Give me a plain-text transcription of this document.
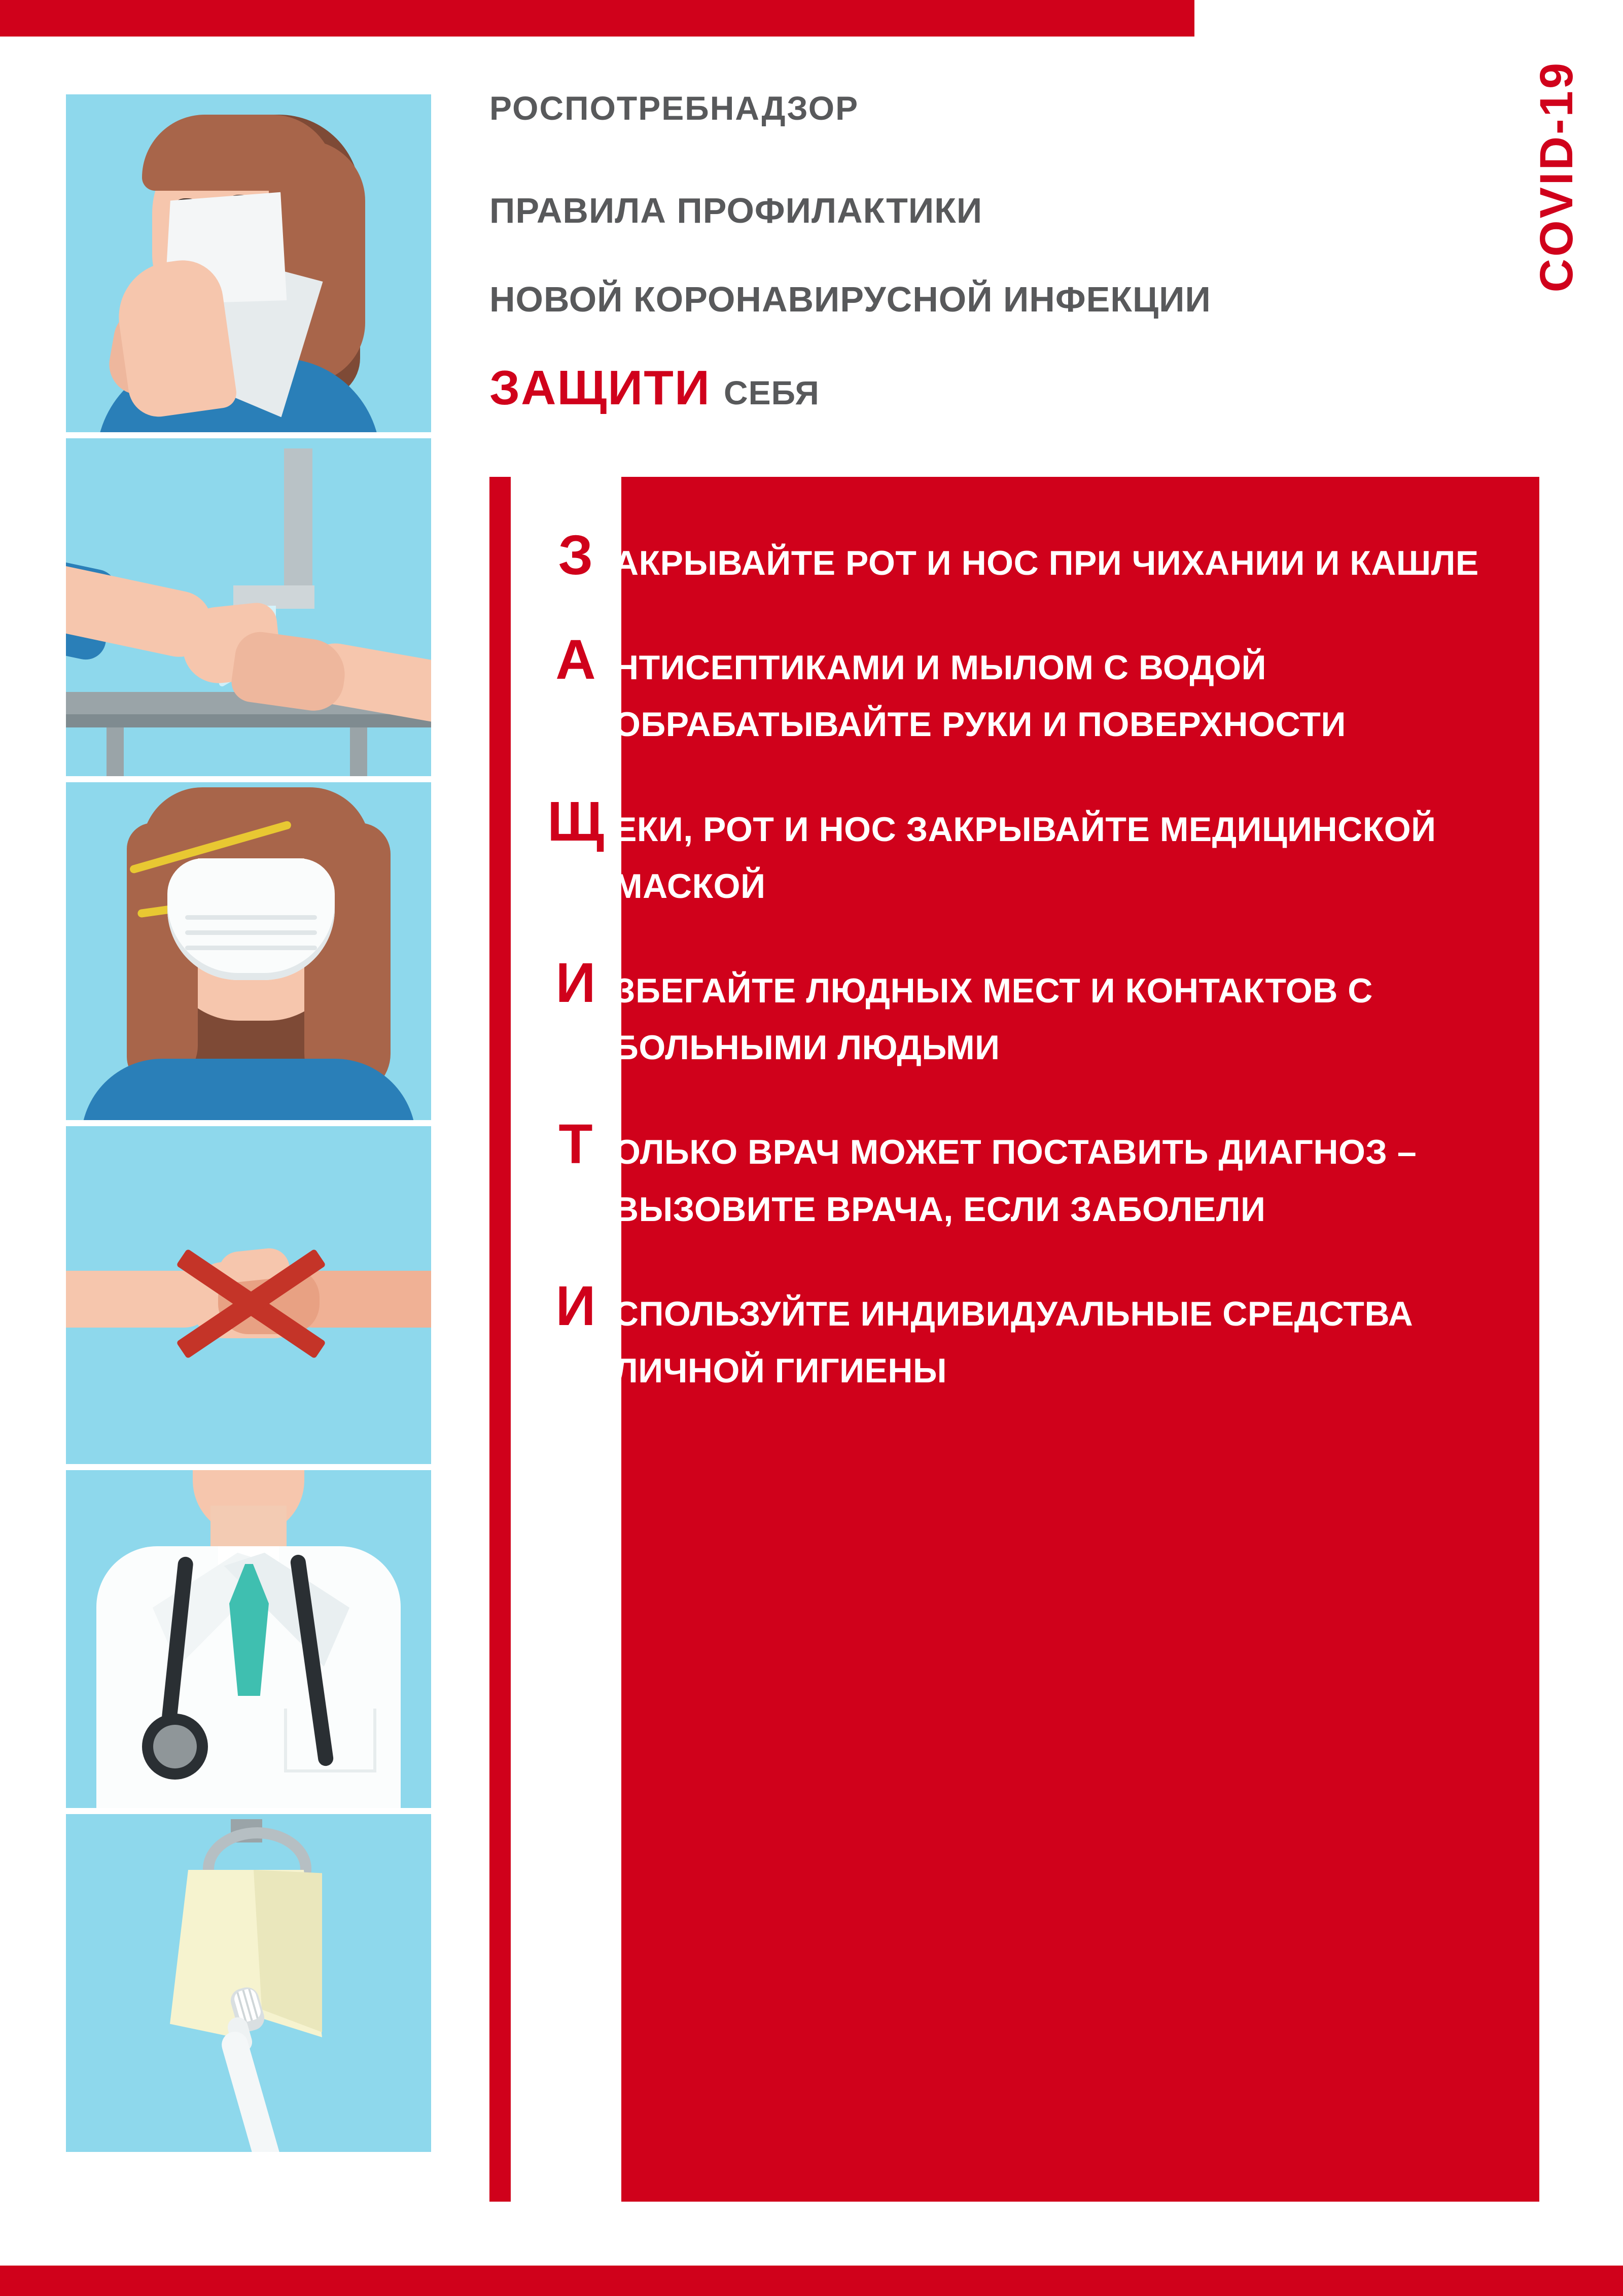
COVID-19
РОСПОТРЕБНАДЗОР
ПРАВИЛА ПРОФИЛАКТИКИ
НОВОЙ КОРОНАВИРУСНОЙ ИНФЕКЦИИ
ЗАЩИТИ СЕБЯ
З АКРЫВАЙТЕ РОТ И НОС ПРИ ЧИХАНИИ И КАШЛЕ
А НТИСЕПТИКАМИ И МЫЛОМ С ВОДОЙ ОБРАБАТЫВАЙТЕ РУКИ И ПОВЕРХНОСТИ
Щ ЕКИ, РОТ И НОС ЗАКРЫВАЙТЕ МЕДИЦИНСКОЙ МАСКОЙ
И ЗБЕГАЙТЕ ЛЮДНЫХ МЕСТ И КОНТАКТОВ С БОЛЬНЫМИ ЛЮДЬМИ
Т ОЛЬКО ВРАЧ МОЖЕТ ПОСТАВИТЬ ДИАГНОЗ – ВЫЗОВИТЕ ВРАЧА, ЕСЛИ ЗАБОЛЕЛИ
И СПОЛЬЗУЙТЕ ИНДИВИДУАЛЬНЫЕ СРЕДСТВА ЛИЧНОЙ ГИГИЕНЫ
